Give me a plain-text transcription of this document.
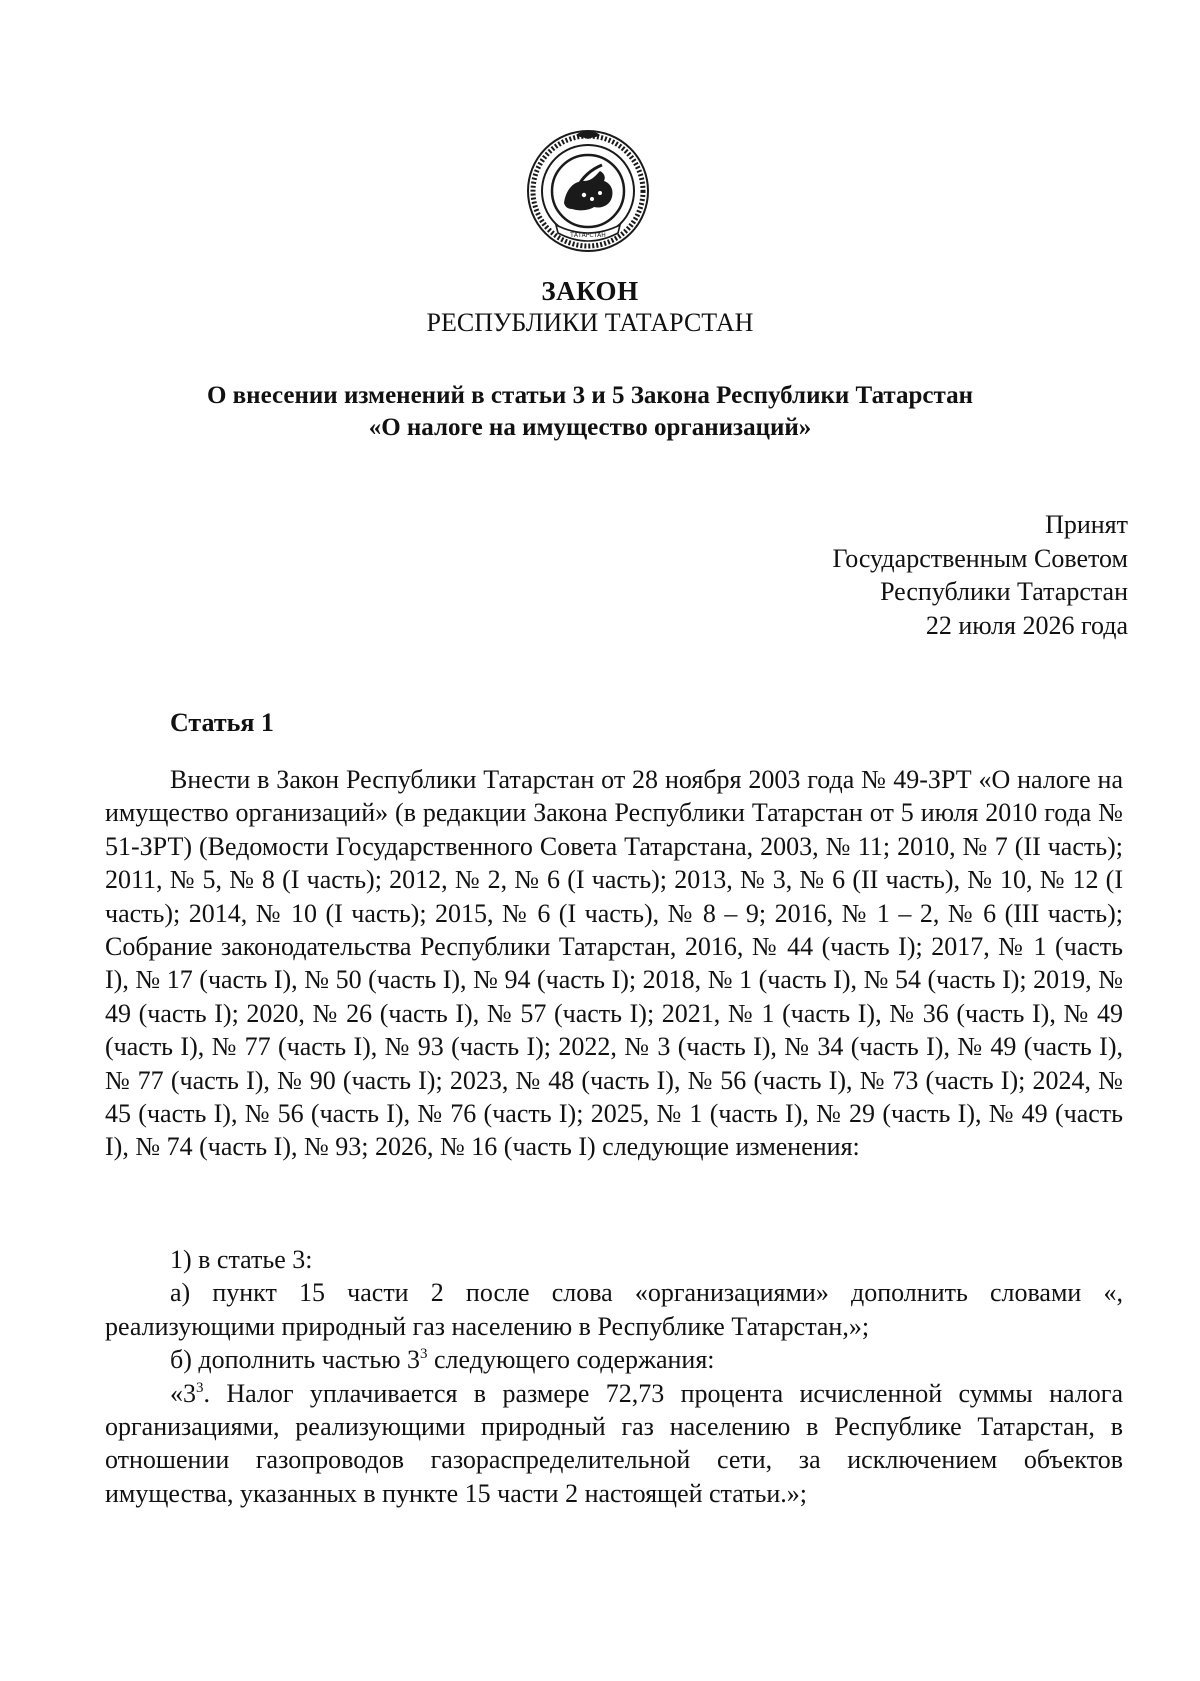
ТАТАРСТАН
ЗАКОН
РЕСПУБЛИКИ ТАТАРСТАН
О внесении изменений в статьи 3 и 5 Закона Республики Татарстан
«О налоге на имущество организаций»
Принят
Государственным Советом
Республики Татарстан
22 июля 2026 года
Статья 1

Внести в Закон Республики Татарстан от 28 ноября 2003 года № 49-ЗРТ «О налоге на имущество организаций» (в редакции Закона Республики Татарстан от 5 июля 2010 года № 51-ЗРТ) (Ведомости Государственного Совета Татарстана, 2003, № 11; 2010, № 7 (II часть); 2011, № 5, № 8 (I часть); 2012, № 2, № 6 (I часть); 2013, № 3, № 6 (II часть), № 10, № 12 (I часть); 2014, № 10 (I часть); 2015, № 6 (I часть), № 8 – 9; 2016, № 1 – 2, № 6 (III часть); Собрание законодательства Республики Татарстан, 2016, № 44 (часть I); 2017, № 1 (часть I), № 17 (часть I), № 50 (часть I), № 94 (часть I); 2018, № 1 (часть I), № 54 (часть I); 2019, № 49 (часть I); 2020, № 26 (часть I), № 57 (часть I); 2021, № 1 (часть I), № 36 (часть I), № 49 (часть I), № 77 (часть I), № 93 (часть I); 2022, № 3 (часть I), № 34 (часть I), № 49 (часть I), № 77 (часть I), № 90 (часть I); 2023, № 48 (часть I), № 56 (часть I), № 73 (часть I); 2024, № 45 (часть I), № 56 (часть I), № 76 (часть I); 2025, № 1 (часть I), № 29 (часть I), № 49 (часть I), № 74 (часть I), № 93; 2026, № 16 (часть I) следующие изменения:

1) в статье 3:
а) пункт 15 части 2 после слова «организациями» дополнить словами «, реализующими природный газ населению в Республике Татарстан,»;
б) дополнить частью $3^3$ следующего содержания:
«$3^3$. Налог уплачивается в размере 72,73 процента исчисленной суммы налога организациями, реализующими природный газ населению в Республике Татарстан, в отношении газопроводов газораспределительной сети, за исключением объектов имущества, указанных в пункте 15 части 2 настоящей статьи.»;
